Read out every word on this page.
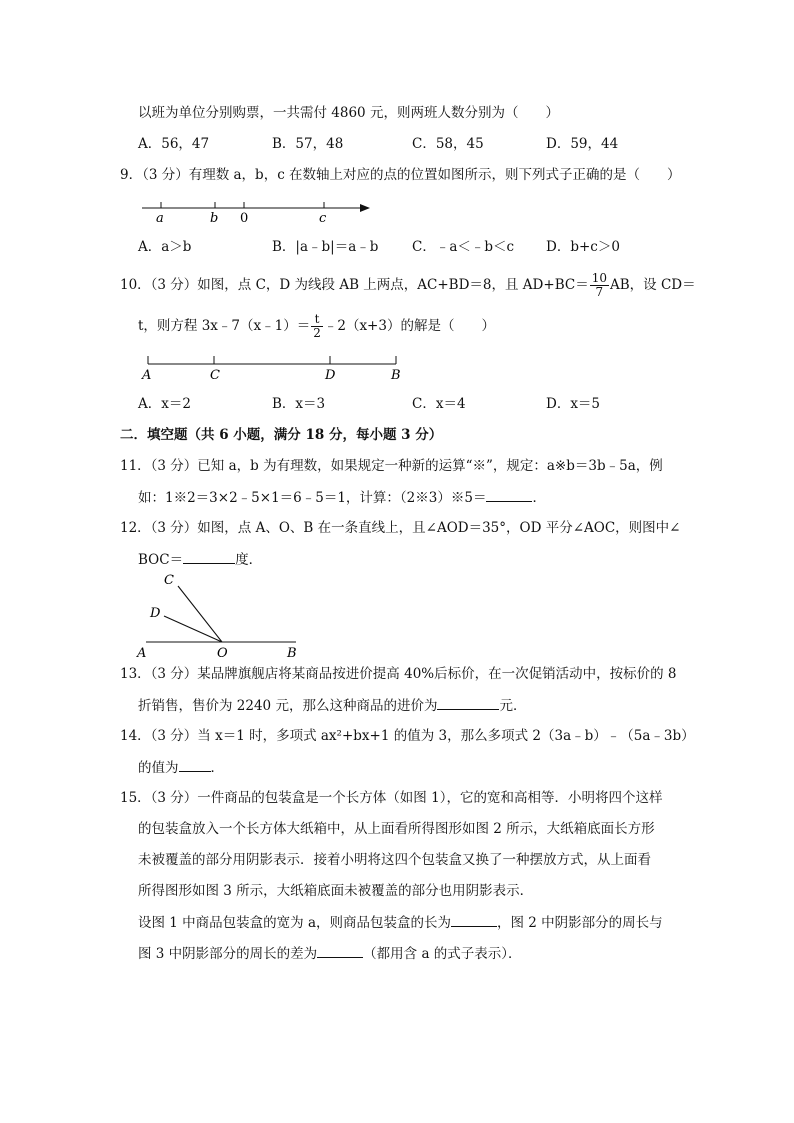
以班为单位分别购票，一共需付 4860 元，则两班人数分别为（　　）
A．56，47	B．57，48	C．58，45	D．59，44
9．（3 分）有理数 a，b，c 在数轴上对应的点的位置如图所示，则下列式子正确的是（　　）
a	b 0	c
A．a＞b	B．|a﹣b|＝a﹣b C．﹣a＜﹣b＜c D．b+c＞0
10．（3 分）如图，点 C，D 为线段 AB 上两点，AC+BD＝8，且 $AD+BC= \frac{10}{7}$ AB，设 CD＝
t，则方程 3x﹣7（x﹣1）＝ $\frac{t}{2}$ ﹣2（x+3）的解是（　　）
A	C	D	B
A．x＝2	B．x＝3	C．x＝4	D．x＝5
二．填空题（共 6 小题，满分 18 分，每小题 3 分）
11．（3 分）已知 a，b 为有理数，如果规定一种新的运算“※”，规定：a※b＝3b﹣5a，例
如：1※2＝3×2﹣5×1＝6﹣5＝1，计算：（2※3）※5＝	．
12．（3 分）如图，点 A、O、B 在一条直线上，且∠AOD＝35°，OD 平分∠AOC，则图中∠
BOC＝	度．
C
D
A	O	B
13．（3 分）某品牌旗舰店将某商品按进价提高 40%后标价，在一次促销活动中，按标价的 8
折销售，售价为 2240 元，那么这种商品的进价为	元．
14．（3 分）当 x＝1 时，多项式 ax²+bx+1 的值为 3，那么多项式 2（3a﹣b）﹣（5a﹣3b）
的值为 ．
15．（3 分）一件商品的包装盒是一个长方体（如图 1），它的宽和高相等．小明将四个这样
的包装盒放入一个长方体大纸箱中，从上面看所得图形如图 2 所示，大纸箱底面长方形
未被覆盖的部分用阴影表示．接着小明将这四个包装盒又换了一种摆放方式，从上面看
所得图形如图 3 所示，大纸箱底面未被覆盖的部分也用阴影表示．
设图 1 中商品包装盒的宽为 a，则商品包装盒的长为	，图 2 中阴影部分的周长与
图 3 中阴影部分的周长的差为	（都用含 a 的式子表示）．
